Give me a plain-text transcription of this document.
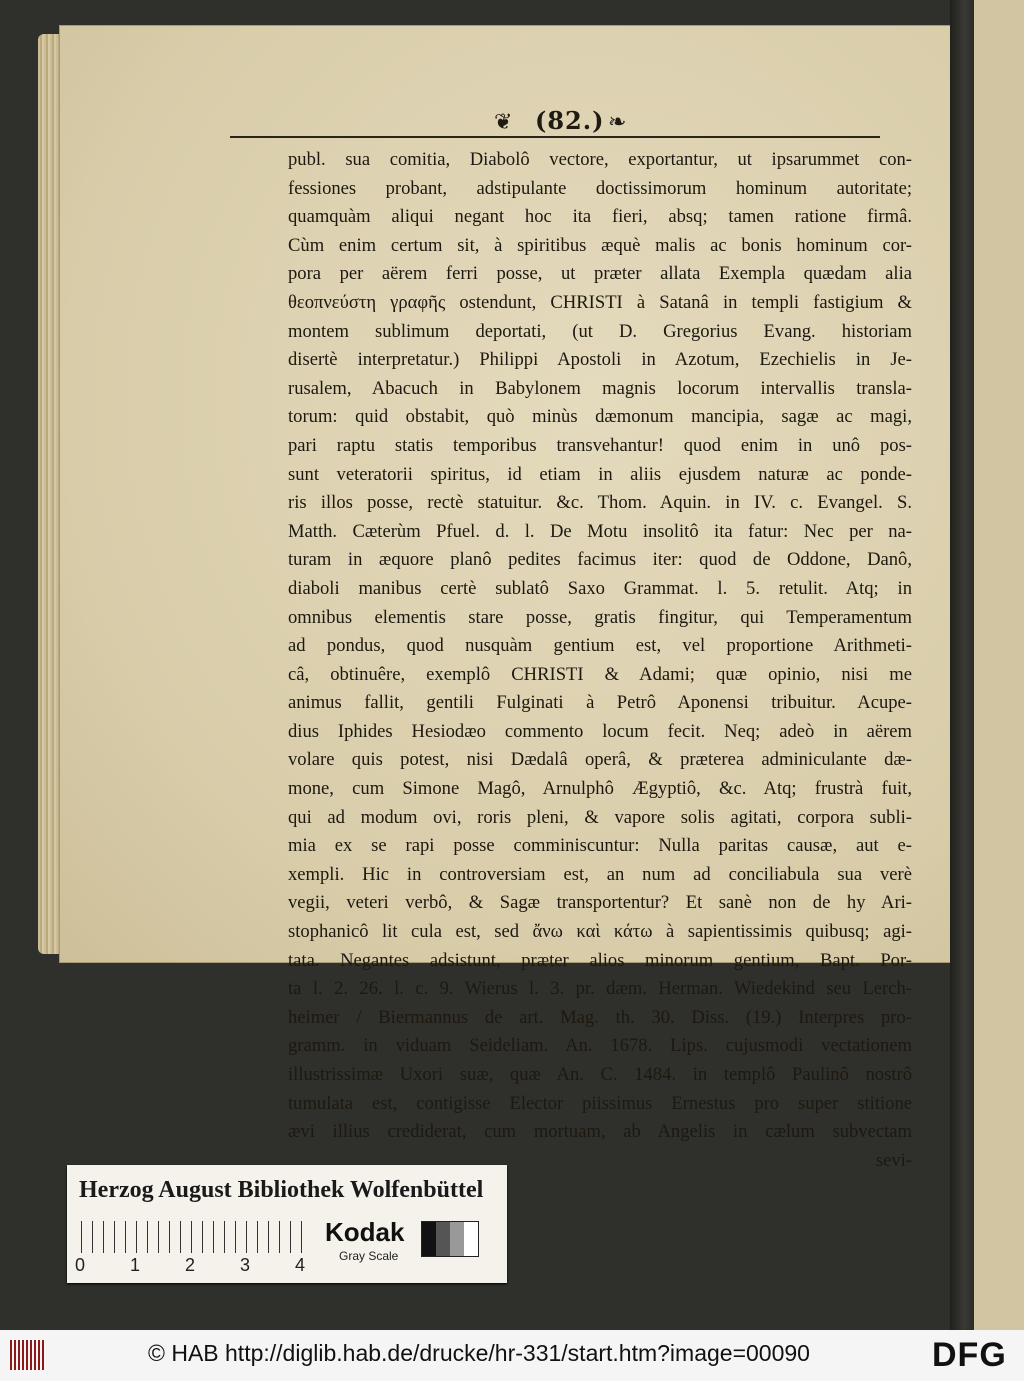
❦ (82.) ❧
publ. sua comitia, Diabolô vectore, exportantur, ut ipsarummet con-
fessiones probant, adstipulante doctissimorum hominum autoritate;
quamquàm aliqui negant hoc ita fieri, absq; tamen ratione firmâ.
Cùm enim certum sit, à spiritibus æquè malis ac bonis hominum cor-
pora per aërem ferri posse, ut præter allata Exempla quædam alia
θεοπνεύστη γραφῆς ostendunt, CHRISTI à Satanâ in templi fastigium &
montem sublimum deportati, (ut D. Gregorius Evang. historiam
disertè interpretatur.) Philippi Apostoli in Azotum, Ezechielis in Je-
rusalem, Abacuch in Babylonem magnis locorum intervallis transla-
torum: quid obstabit, quò minùs dæmonum mancipia, sagæ ac magi,
pari raptu statis temporibus transvehantur! quod enim in unô pos-
sunt veteratorii spiritus, id etiam in aliis ejusdem naturæ ac ponde-
ris illos posse, rectè statuitur. &c. Thom. Aquin. in IV. c. Evangel. S.
Matth. Cæterùm Pfuel. d. l. De Motu insolitô ita fatur: Nec per na-
turam in æquore planô pedites facimus iter: quod de Oddone, Danô,
diaboli manibus certè sublatô Saxo Grammat. l. 5. retulit. Atq; in
omnibus elementis stare posse, gratis fingitur, qui Temperamentum
ad pondus, quod nusquàm gentium est, vel proportione Arithmeti-
câ, obtinuêre, exemplô CHRISTI & Adami; quæ opinio, nisi me
animus fallit, gentili Fulginati à Petrô Aponensi tribuitur. Acupe-
dius Iphides Hesiodæo commento locum fecit. Neq; adeò in aërem
volare quis potest, nisi Dædalâ operâ, & præterea adminiculante dæ-
mone, cum Simone Magô, Arnulphô Ægyptiô, &c. Atq; frustrà fuit,
qui ad modum ovi, roris pleni, & vapore solis agitati, corpora subli-
mia ex se rapi posse comminiscuntur: Nulla paritas causæ, aut e-
xempli. Hic in controversiam est, an num ad conciliabula sua verè
vegii, veteri verbô, & Sagæ transportentur? Et sanè non de hy Ari-
stophanicô lit cula est, sed ἄνω καὶ κάτω à sapientissimis quibusq; agi-
tata. Negantes adsistunt, præter alios minorum gentium, Bapt. Por-
ta l. 2. 26. l. c. 9. Wierus l. 3. pr. dæm. Herman. Wiedekind seu Lerch-
heimer / Biermannus de art. Mag. th. 30. Diss. (19.) Interpres pro-
gramm. in viduam Seideliam. An. 1678. Lips. cujusmodi vectationem
illustrissimæ Uxori suæ, quæ An. C. 1484. in templô Paulinô nostrô
tumulata est, contigisse Elector piissimus Ernestus pro super stitione
ævi illius crediderat, cum mortuam, ab Angelis in cælum subvectam
sevi-
Herzog August Bibliothek Wolfenbüttel
0 1 2 3 4
Kodak
Gray Scale
© HAB http://diglib.hab.de/drucke/hr-331/start.htm?image=00090	DFG
